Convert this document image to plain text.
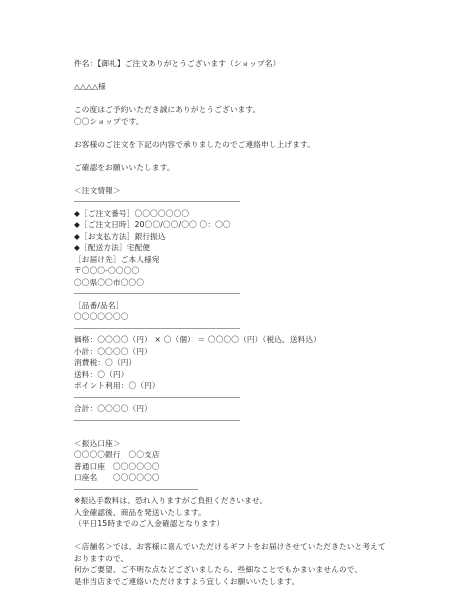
件名：【御礼】ご注文ありがとうございます（ショップ名）
△△△△様
この度はご予約いただき誠にありがとうございます。
〇〇ショップです。
お客様のご注文を下記の内容で承りましたのでご連絡申し上げます。
ご確認をお願いいたします。
＜注文情報＞
◆［ご注文番号］〇〇〇〇〇〇〇
◆［ご注文日時］20〇〇/〇〇/〇〇 〇：〇〇
◆［お支払方法］銀行振込
◆［配送方法］宅配便
［お届け先］ご本人様宛
〒〇〇〇-〇〇〇〇
〇〇県〇〇市〇〇〇
［品番/品名］
〇〇〇〇〇〇〇
価格：〇〇〇〇（円） × 〇（個） ＝ 〇〇〇〇（円）（税込、送料込）
小計：〇〇〇〇（円）
消費税：〇（円）
送料：〇（円）
ポイント利用：〇（円）
合計：〇〇〇〇（円）
＜振込口座＞
〇〇〇〇銀行　〇〇支店
普通口座　〇〇〇〇〇〇
口座名　　〇〇〇〇〇〇
※振込手数料は、恐れ入りますがご負担くださいませ。
入金確認後、商品を発送いたします。
（平日15時までのご入金確認となります）
＜店舗名＞では、お客様に喜んでいただけるギフトをお届けさせていただきたいと考えて
おりますので、
何かご要望、ご不明な点などございましたら、些細なことでもかまいませんので、
是非当店までご連絡いただけますよう宜しくお願いいたします。
